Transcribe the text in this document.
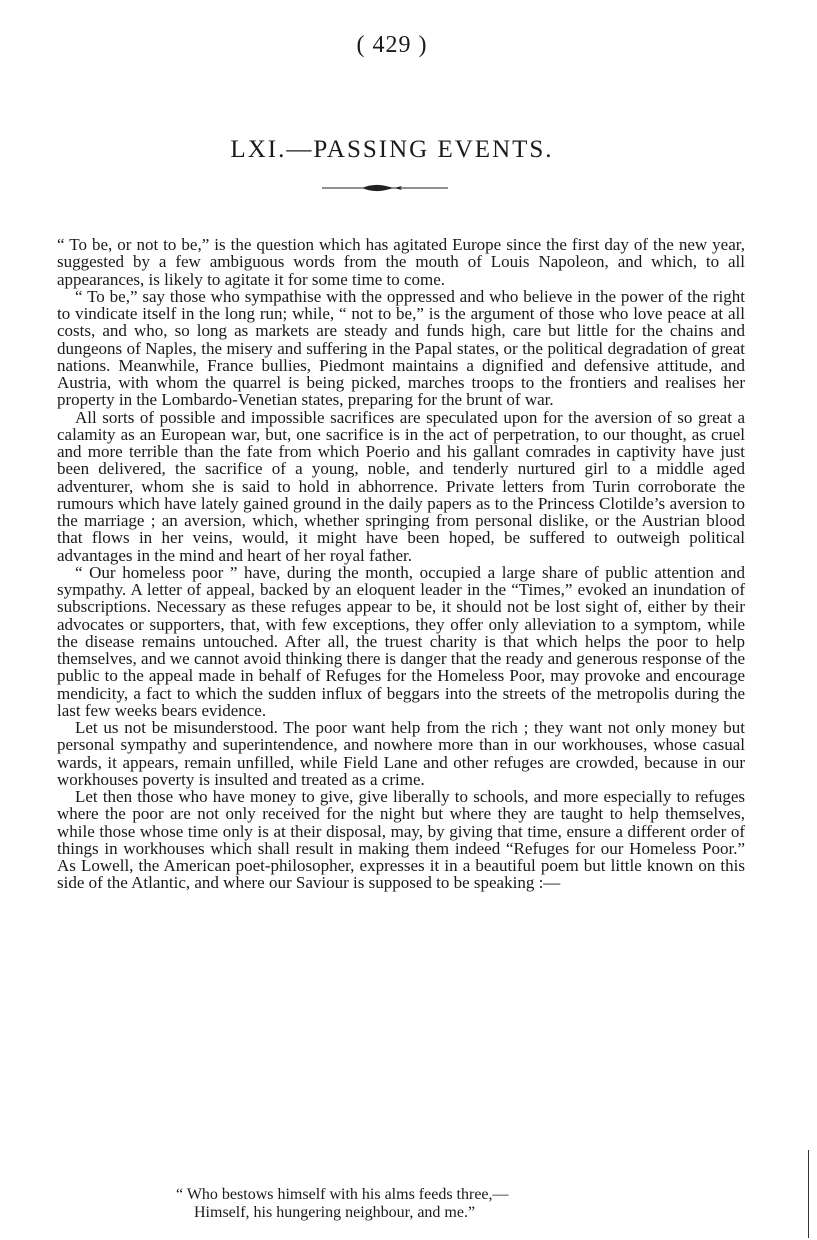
( 429 )
LXI.—PASSING EVENTS.

“ To be, or not to be,” is the question which has agitated Europe since the first day of the new year, suggested by a few ambiguous words from the mouth of Louis Napoleon, and which, to all appearances, is likely to agitate it for some time to come.

“ To be,” say those who sympathise with the oppressed and who believe in the power of the right to vindicate itself in the long run; while, “ not to be,” is the argument of those who love peace at all costs, and who, so long as markets are steady and funds high, care but little for the chains and dungeons of Naples, the misery and suffering in the Papal states, or the political degradation of great nations. Meanwhile, France bullies, Piedmont maintains a dignified and defensive attitude, and Austria, with whom the quarrel is being picked, marches troops to the frontiers and realises her property in the Lombardo-Venetian states, preparing for the brunt of war.

All sorts of possible and impossible sacrifices are speculated upon for the aversion of so great a calamity as an European war, but, one sacrifice is in the act of perpetration, to our thought, as cruel and more terrible than the fate from which Poerio and his gallant comrades in captivity have just been delivered, the sacrifice of a young, noble, and tenderly nurtured girl to a middle aged adventurer, whom she is said to hold in abhorrence. Private letters from Turin corroborate the rumours which have lately gained ground in the daily papers as to the Princess Clotilde’s aversion to the marriage ; an aversion, which, whether springing from personal dislike, or the Austrian blood that flows in her veins, would, it might have been hoped, be suffered to outweigh political advantages in the mind and heart of her royal father.

“ Our homeless poor ” have, during the month, occupied a large share of public attention and sympathy. A letter of appeal, backed by an eloquent leader in the “Times,” evoked an inundation of subscriptions. Necessary as these refuges appear to be, it should not be lost sight of, either by their advocates or supporters, that, with few exceptions, they offer only alleviation to a symptom, while the disease remains untouched. After all, the truest charity is that which helps the poor to help themselves, and we cannot avoid thinking there is danger that the ready and generous response of the public to the appeal made in behalf of Refuges for the Homeless Poor, may provoke and encourage mendicity, a fact to which the sudden influx of beggars into the streets of the metropolis during the last few weeks bears evidence.

Let us not be misunderstood. The poor want help from the rich ; they want not only money but personal sympathy and superintendence, and nowhere more than in our workhouses, whose casual wards, it appears, remain unfilled, while Field Lane and other refuges are crowded, because in our workhouses poverty is insulted and treated as a crime.

Let then those who have money to give, give liberally to schools, and more especially to refuges where the poor are not only received for the night but where they are taught to help themselves, while those whose time only is at their disposal, may, by giving that time, ensure a different order of things in workhouses which shall result in making them indeed “Refuges for our Homeless Poor.” As Lowell, the American poet-philosopher, expresses it in a beautiful poem but little known on this side of the Atlantic, and where our Saviour is supposed to be speaking :—

“ Who bestows himself with his alms feeds three,—
Himself, his hungering neighbour, and me.”
